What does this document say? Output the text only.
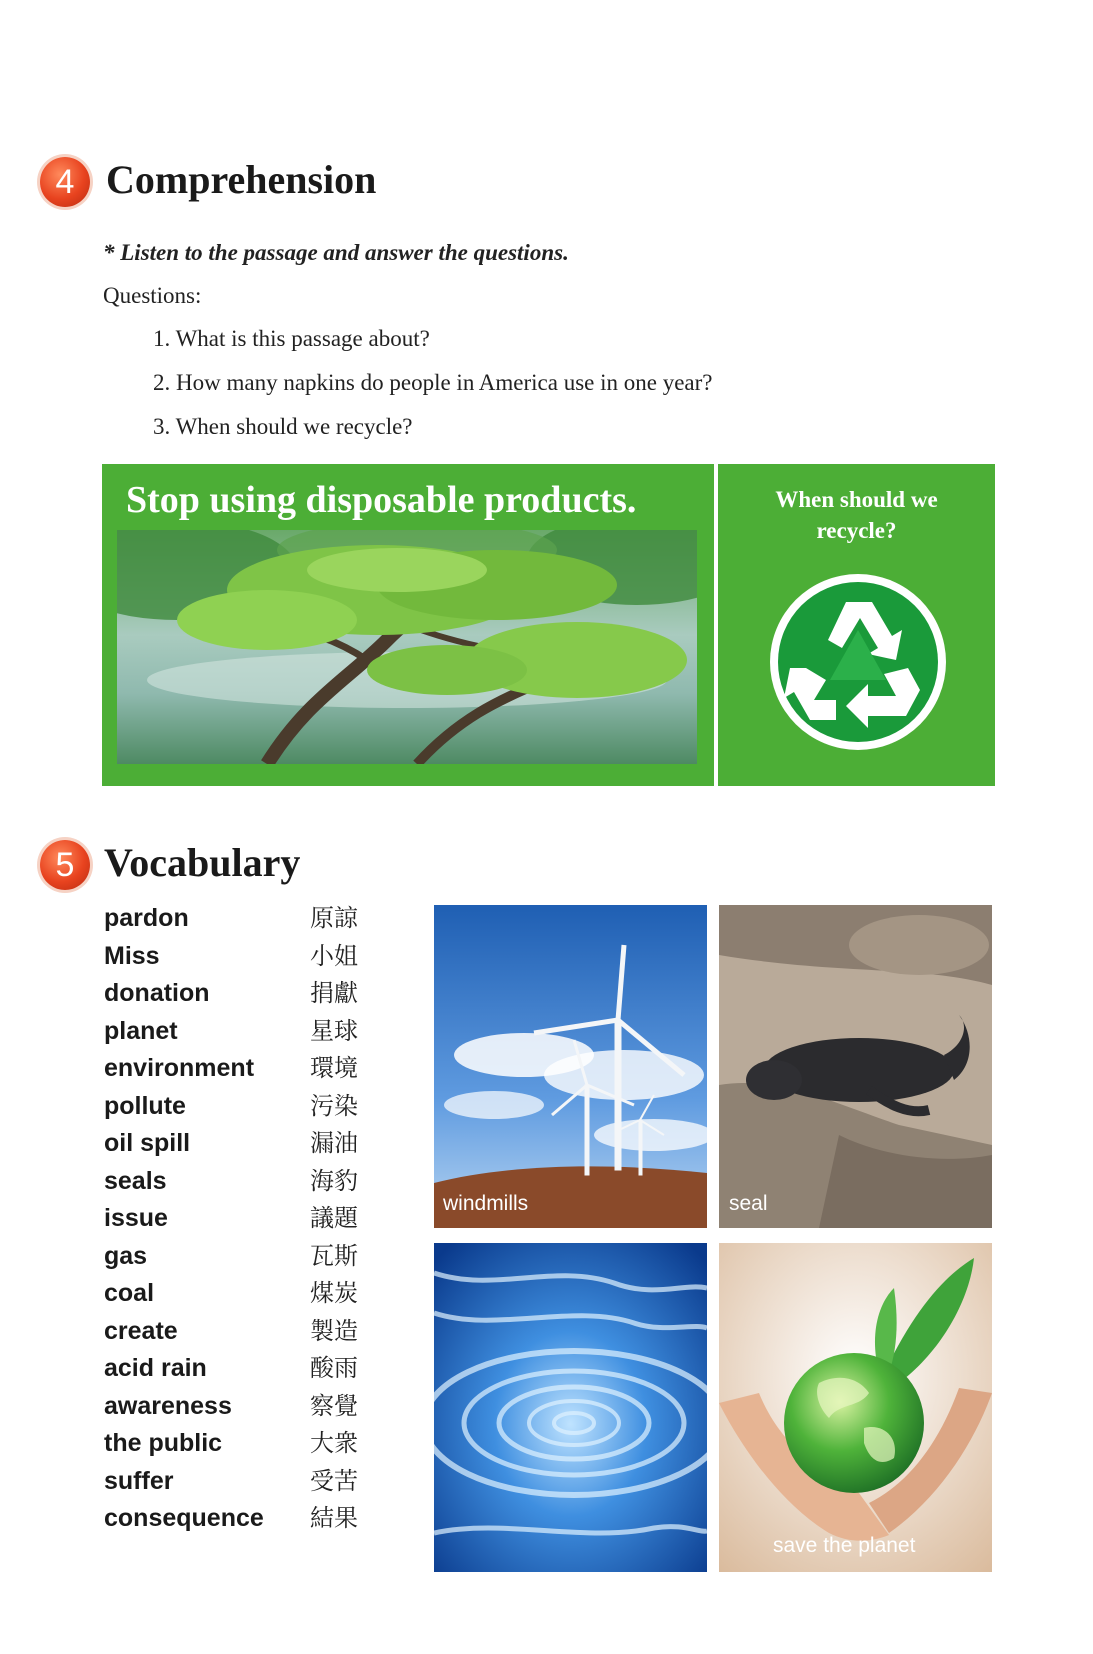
4 Comprehension
* Listen to the passage and answer the questions.
Questions:
1. What is this passage about?
2. How many napkins do people in America use in one year?
3. When should we recycle?
Stop using disposable products.	When should we
recycle?
5 Vocabulary
pardon	原諒
Miss	小姐
donation	捐獻
planet	星球
environment 環境
pollute	污染
oil spill	漏油
seals	海豹
issue	議題
gas	瓦斯
coal	煤炭
create	製造
acid rain	酸雨
awareness	察覺
the public	大衆
suffer	受苦
consequence 結果
windmills	seal
save the planet
